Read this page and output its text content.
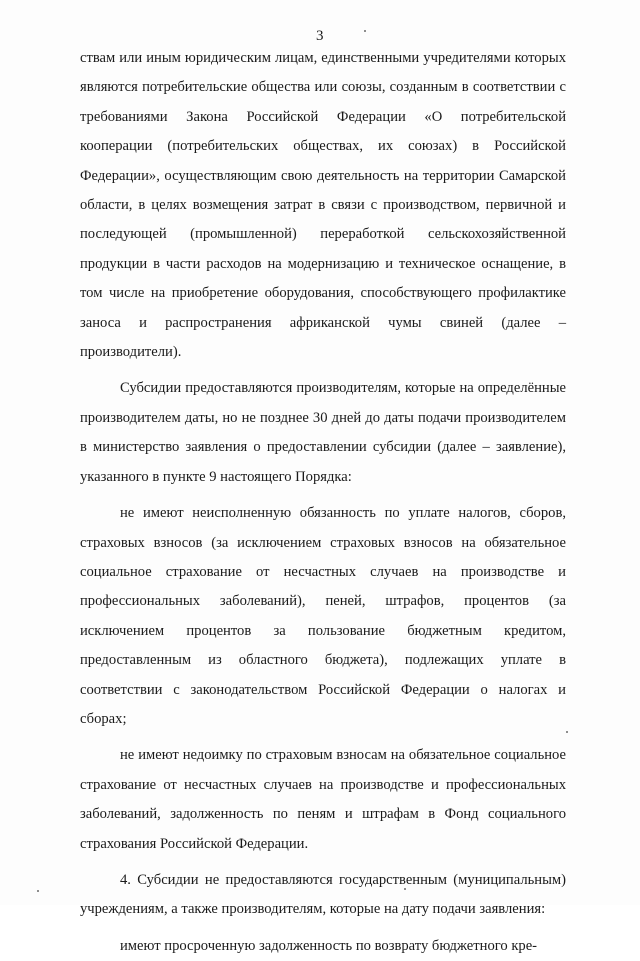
3

ствам или иным юридическим лицам, единственными учредителями которых являются потребительские общества или союзы, созданным в соответствии с требованиями Закона Российской Федерации «О потребительской кооперации (потребительских обществах, их союзах) в Российской Федерации», осуществляющим свою деятельность на территории Самарской области, в целях возмещения затрат в связи с производством, первичной и последующей (промышленной) переработкой сельскохозяйственной продукции в части расходов на модернизацию и техническое оснащение, в том числе на приобретение оборудования, способствующего профилактике заноса и распространения африканской чумы свиней (далее – производители).

Субсидии предоставляются производителям, которые на определённые производителем даты, но не позднее 30 дней до даты подачи производителем в министерство заявления о предоставлении субсидии (далее – заявление), указанного в пункте 9 настоящего Порядка:

не имеют неисполненную обязанность по уплате налогов, сборов, страховых взносов (за исключением страховых взносов на обязательное социальное страхование от несчастных случаев на производстве и профессиональных заболеваний), пеней, штрафов, процентов (за исключением процентов за пользование бюджетным кредитом, предоставленным из областного бюджета), подлежащих уплате в соответствии с законодательством Российской Федерации о налогах и сборах;

не имеют недоимку по страховым взносам на обязательное социальное страхование от несчастных случаев на производстве и профессиональных заболеваний, задолженность по пеням и штрафам в Фонд социального страхования Российской Федерации.

4. Субсидии не предоставляются государственным (муниципальным) учреждениям, а также производителям, которые на дату подачи заявления:

имеют просроченную задолженность по возврату бюджетного кре-
